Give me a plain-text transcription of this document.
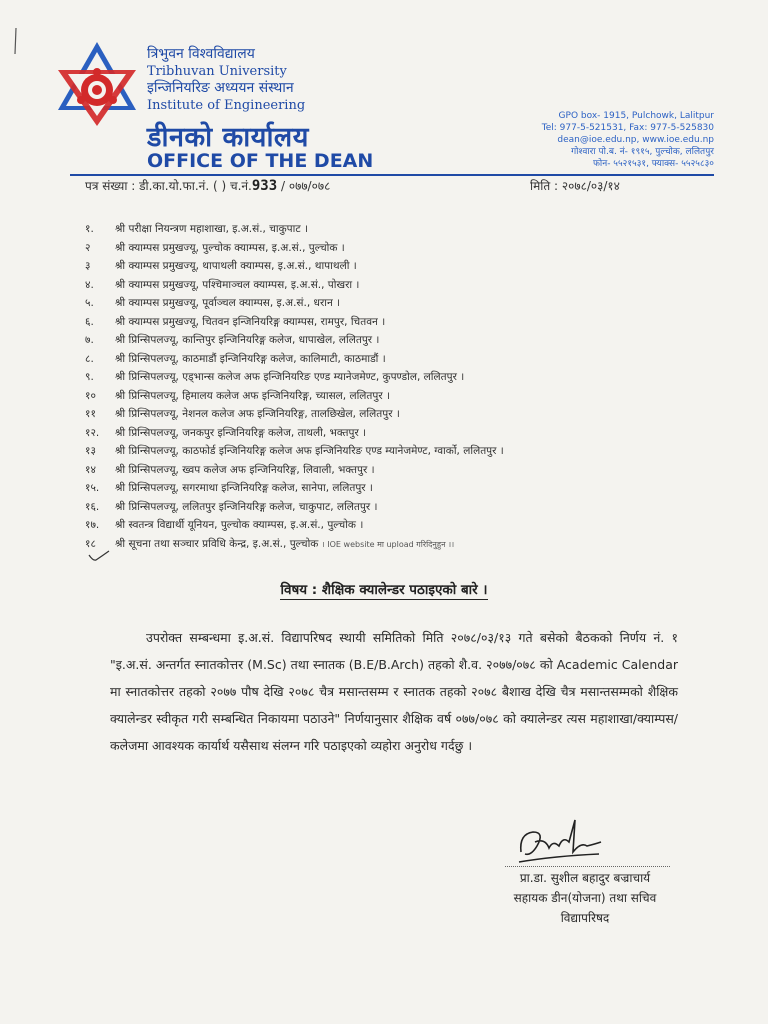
त्रिभुवन विश्वविद्यालय
Tribhuvan University
इन्जिनियरिङ अध्ययन संस्थान
Institute of Engineering
डीनको कार्यालय
OFFICE OF THE DEAN
GPO box- 1915, Pulchowk, Lalitpur
Tel: 977-5-521531, Fax: 977-5-525830
dean@ioe.edu.np, www.ioe.edu.np
गोश्वारा पो.ब. नं- १९१५, पुल्चोक, ललितपुर
फोन- ५५२१५३१, फ्याक्स- ५५२५८३०
पत्र संख्या : डी.का.यो.फा.नं. ( ) च.नं.933 / ०७७/०७८	मिति : २०७८/०३/१४
१. श्री परीक्षा नियन्त्रण महाशाखा, इ.अ.सं., चाकुपाट ।
२ श्री क्याम्पस प्रमुखज्यू, पुल्चोक क्याम्पस, इ.अ.सं., पुल्चोक ।
३ श्री क्याम्पस प्रमुखज्यू, थापाथली क्याम्पस, इ.अ.सं., थापाथली ।
४. श्री क्याम्पस प्रमुखज्यू, पश्चिमाञ्चल क्याम्पस, इ.अ.सं., पोखरा ।
५. श्री क्याम्पस प्रमुखज्यू, पूर्वाञ्चल क्याम्पस, इ.अ.सं., धरान ।
६. श्री क्याम्पस प्रमुखज्यू, चितवन इन्जिनियरिङ्ग क्याम्पस, रामपुर, चितवन ।
७. श्री प्रिन्सिपलज्यू, कान्तिपुर इन्जिनियरिङ्ग कलेज, धापाखेल, ललितपुर ।
८. श्री प्रिन्सिपलज्यू, काठमाडौं इन्जिनियरिङ्ग कलेज, कालिमाटी, काठमाडौं ।
९. श्री प्रिन्सिपलज्यू, एड्भान्स कलेज अफ इन्जिनियरिङ एण्ड म्यानेजमेण्ट, कुपण्डोल, ललितपुर ।
१० श्री प्रिन्सिपलज्यू, हिमालय कलेज अफ इन्जिनियरिङ्ग, च्यासल, ललितपुर ।
११ श्री प्रिन्सिपलज्यू, नेशनल कलेज अफ इन्जिनियरिङ्ग, तालछिखेल, ललितपुर ।
१२. श्री प्रिन्सिपलज्यू, जनकपुर इन्जिनियरिङ्ग कलेज, ताथली, भक्तपुर ।
१३ श्री प्रिन्सिपलज्यू, काठफोर्ड इन्जिनियरिङ्ग कलेज अफ इन्जिनियरिङ एण्ड म्यानेजमेण्ट, ग्वार्को, ललितपुर ।
१४ श्री प्रिन्सिपलज्यू, ख्वप कलेज अफ इन्जिनियरिङ्ग, लिवाली, भक्तपुर ।
१५. श्री प्रिन्सिपलज्यू, सगरमाथा इन्जिनियरिङ्ग कलेज, सानेपा, ललितपुर ।
१६. श्री प्रिन्सिपलज्यू, ललितपुर इन्जिनियरिङ्ग कलेज, चाकुपाट, ललितपुर ।
१७. श्री स्वतन्त्र विद्यार्थी यूनियन, पुल्चोक क्याम्पस, इ.अ.सं., पुल्चोक ।
१८ श्री सूचना तथा सञ्चार प्रविधि केन्द्र, इ.अ.सं., पुल्चोक । IOE website मा upload गरिदिनुहुन ।।
विषय : शैक्षिक क्यालेन्डर पठाइएको बारे ।

उपरोक्त सम्बन्धमा इ.अ.सं. विद्यापरिषद स्थायी समितिको मिति २०७८/०३/१३ गते बसेको बैठकको निर्णय नं. १ "इ.अ.सं. अन्तर्गत स्नातकोत्तर (M.Sc) तथा स्नातक (B.E/B.Arch) तहको शै.व. २०७७/०७८ को Academic Calendar मा स्नातकोत्तर तहको २०७७ पौष देखि २०७८ चैत्र मसान्तसम्म र स्नातक तहको २०७८ बैशाख देखि चैत्र मसान्तसम्मको शैक्षिक क्यालेन्डर स्वीकृत गरी सम्बन्धित निकायमा पठाउने" निर्णयानुसार शैक्षिक वर्ष ०७७/०७८ को क्यालेन्डर त्यस महाशाखा/क्याम्पस/कलेजमा आवश्यक कार्यार्थ यसैसाथ संलग्न गरि पठाइएको व्यहोरा अनुरोध गर्दछु ।

प्रा.डा. सुशील बहादुर बज्राचार्य
सहायक डीन(योजना) तथा सचिव
विद्यापरिषद
